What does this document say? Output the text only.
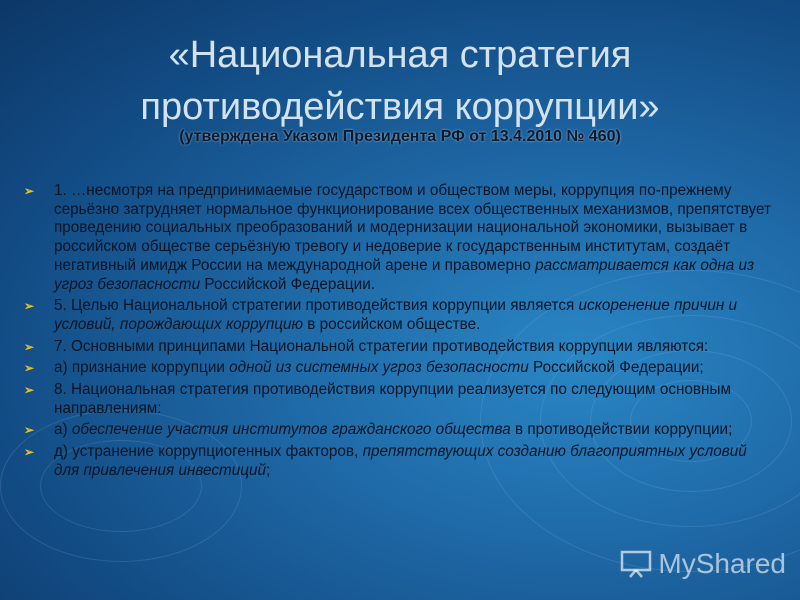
«Национальная стратегия противодействия коррупции»
(утверждена Указом Президента РФ от 13.4.2010 № 460)
➢ 1. …несмотря на предпринимаемые государством и обществом меры, коррупция по-прежнему серьёзно затрудняет нормальное функционирование всех общественных механизмов, препятствует проведению социальных преобразований и модернизации национальной экономики, вызывает в российском обществе серьёзную тревогу и недоверие к государственным институтам, создаёт негативный имидж России на международной арене и правомерно рассматривается как одна из угроз безопасности Российской Федерации.
➢ 5. Целью Национальной стратегии противодействия коррупции является искоренение причин и условий, порождающих коррупцию в российском обществе.
➢ 7. Основными принципами Национальной стратегии противодействия коррупции являются:
➢ а) признание коррупции одной из системных угроз безопасности Российской Федерации;
➢ 8. Национальная стратегия противодействия коррупции реализуется по следующим основным направлениям:
➢ а) обеспечение участия институтов гражданского общества в противодействии коррупции;
➢ д) устранение коррупциогенных факторов, препятствующих созданию благоприятных условий для привлечения инвестиций;
MyShared
